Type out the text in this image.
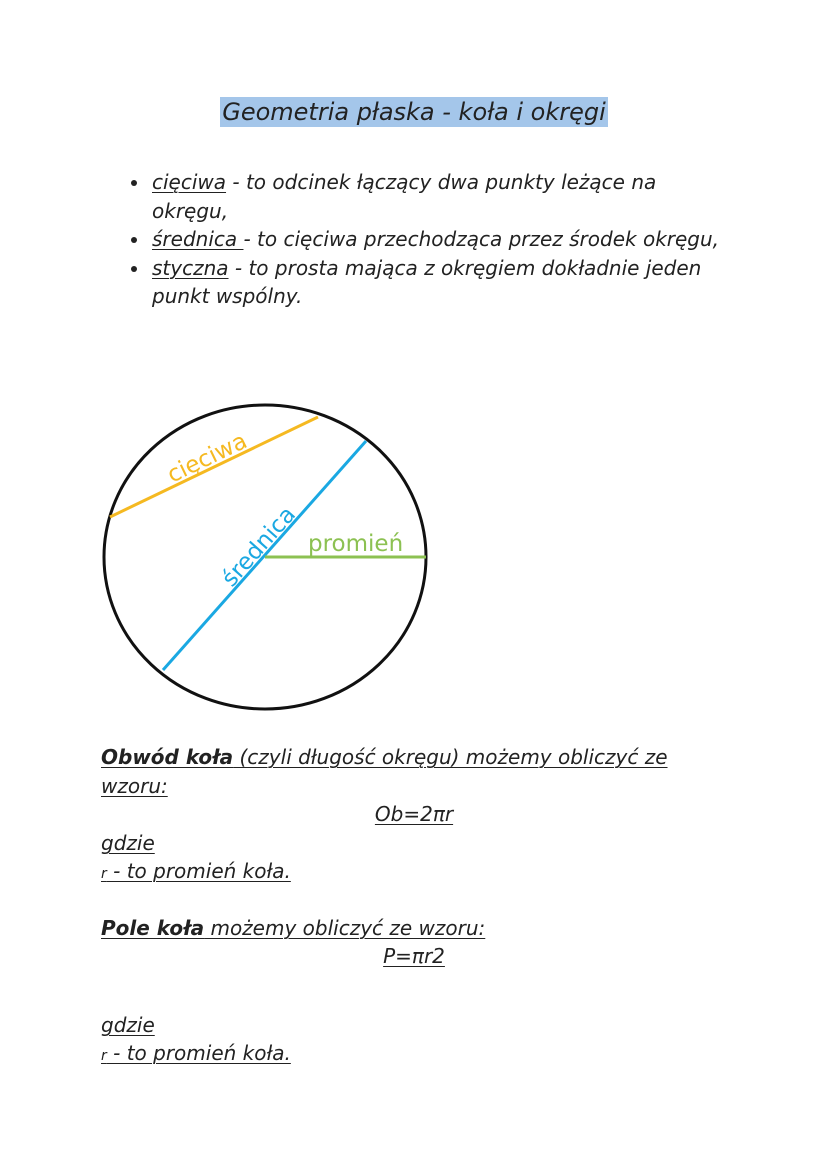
Geometria płaska - koła i okręgi
• cięciwa - to odcinek łączący dwa punkty leżące na okręgu,
• średnica - to cięciwa przechodząca przez środek okręgu,
• styczna - to prosta mająca z okręgiem dokładnie jeden punkt wspólny.
cięciwa
średnica promień
Obwód koła (czyli długość okręgu) możemy obliczyć ze
wzoru:
Ob=2πr
gdzie
r - to promień koła.
Pole koła możemy obliczyć ze wzoru:
P=πr2
gdzie
r - to promień koła.
